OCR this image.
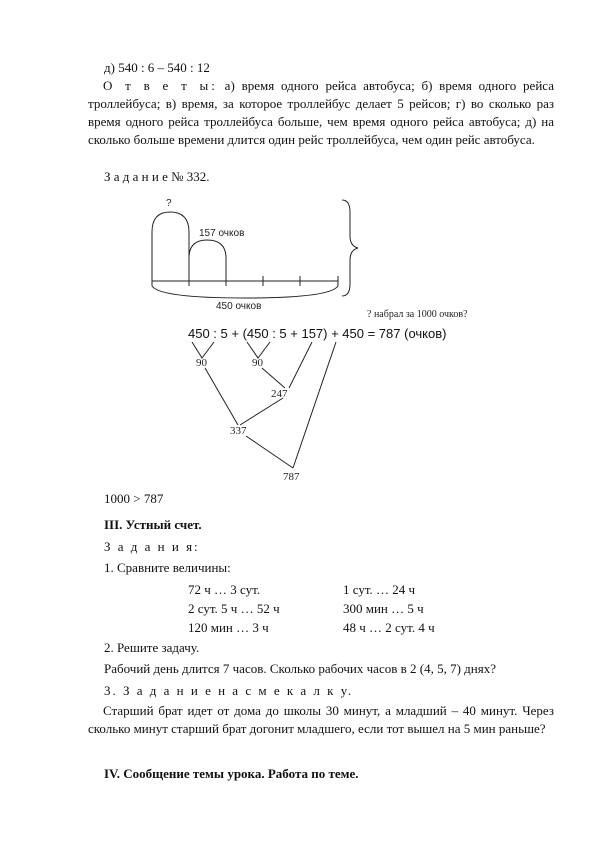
д) 540 : 6 – 540 : 12
О т в е т ы: а) время одного рейса автобуса; б) время одного рейса троллейбуса; в) время, за которое троллейбус делает 5 рейсов; г) во сколько раз время одного рейса троллейбуса больше, чем время одного рейса автобуса; д) на сколько больше времени длится один рейс троллейбуса, чем один рейс автобуса.
З а д а н и е № 332.
?
157 очков
450 очков
? набрал за 1000 очков?
450 : 5 + (450 : 5 + 157) + 450 = 787 (очков)
90	90
247
337
787
1000 > 787
III. Устный счет.
З а д а н и я:
1. Сравните величины:
72 ч … 3 сут.	1 сут. … 24 ч
2 сут. 5 ч … 52 ч	300 мин … 5 ч
120 мин … 3 ч	48 ч … 2 сут. 4 ч
2. Решите задачу.
Рабочий день длится 7 часов. Сколько рабочих часов в 2 (4, 5, 7) днях?
3. З а д а н и е н а с м е к а л к у.
Старший брат идет от дома до школы 30 минут, а младший – 40 минут. Через сколько минут старший брат догонит младшего, если тот вышел на 5 мин раньше?
IV. Сообщение темы урока. Работа по теме.
